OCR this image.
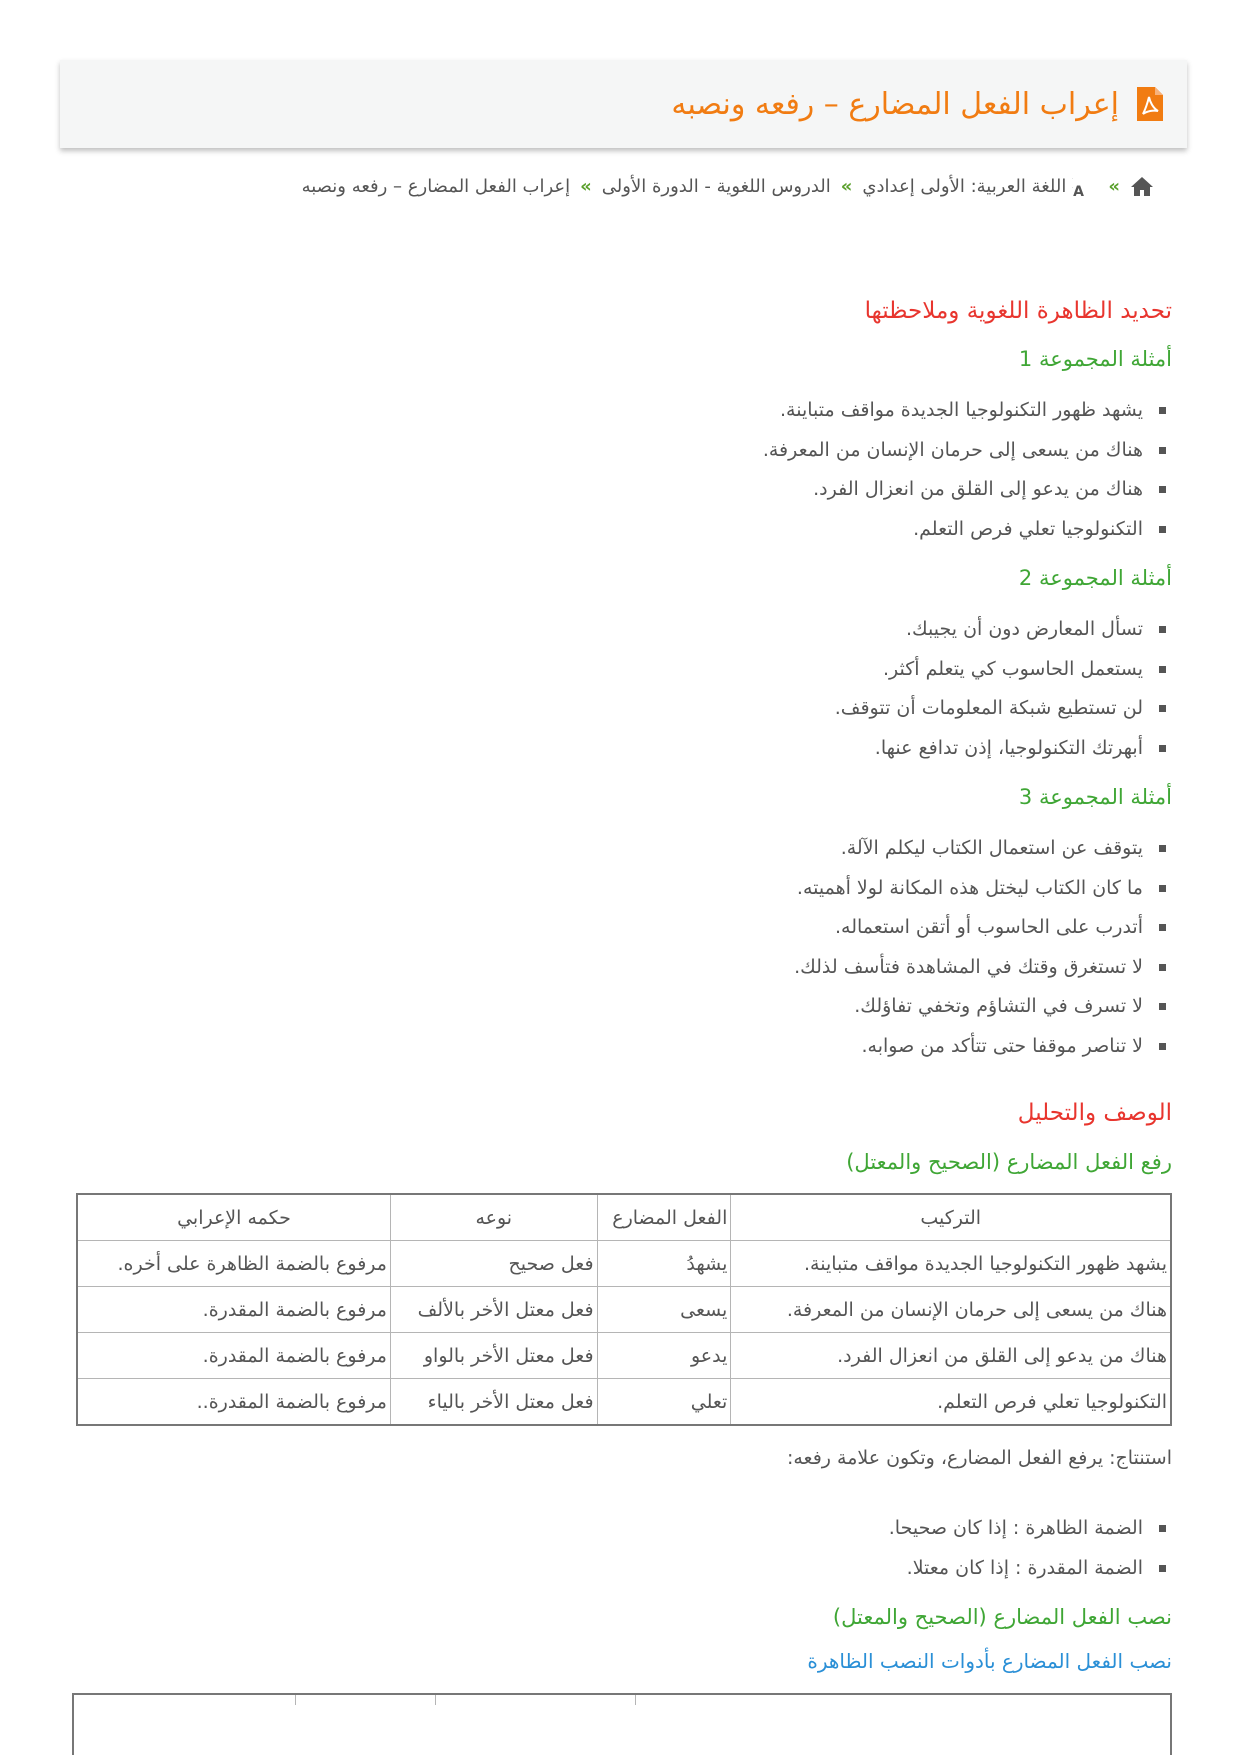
إعراب الفعل المضارع – رفعه ونصبه
»
A
اللغة العربية: الأولى إعدادي
»
الدروس اللغوية - الدورة الأولى
»
إعراب الفعل المضارع – رفعه ونصبه
تحديد الظاهرة اللغوية وملاحظتها
أمثلة المجموعة 1
يشهد ظهور التكنولوجيا الجديدة مواقف متباينة.
هناك من يسعى إلى حرمان الإنسان من المعرفة.
هناك من يدعو إلى القلق من انعزال الفرد.
التكنولوجيا تعلي فرص التعلم.
أمثلة المجموعة 2
تسأل المعارض دون أن يجيبك.
يستعمل الحاسوب كي يتعلم أكثر.
لن تستطيع شبكة المعلومات أن تتوقف.
أبهرتك التكنولوجيا، إذن تدافع عنها.
أمثلة المجموعة 3
يتوقف عن استعمال الكتاب ليكلم الآلة.
ما كان الكتاب ليختل هذه المكانة لولا أهميته.
أتدرب على الحاسوب أو أتقن استعماله.
لا تستغرق وقتك في المشاهدة فتأسف لذلك.
لا تسرف في التشاؤم وتخفي تفاؤلك.
لا تناصر موقفا حتى تتأكد من صوابه.
الوصف والتحليل
رفع الفعل المضارع (الصحيح والمعتل)
التركيب	الفعل المضارع	نوعه	حكمه الإعرابي
يشهد ظهور التكنولوجيا الجديدة مواقف متباينة.	يشهدُ	فعل صحيح	مرفوع بالضمة الظاهرة على أخره.
هناك من يسعى إلى حرمان الإنسان من المعرفة.	يسعى	فعل معتل الأخر بالألف	مرفوع بالضمة المقدرة.
هناك من يدعو إلى القلق من انعزال الفرد.	يدعو	فعل معتل الأخر بالواو	مرفوع بالضمة المقدرة.
التكنولوجيا تعلي فرص التعلم.	تعلي	فعل معتل الأخر بالياء	مرفوع بالضمة المقدرة..

استنتاج: يرفع الفعل المضارع، وتكون علامة رفعه:

الضمة الظاهرة : إذا كان صحيحا.
الضمة المقدرة : إذا كان معتلا.
نصب الفعل المضارع (الصحيح والمعتل)
نصب الفعل المضارع بأدوات النصب الظاهرة
